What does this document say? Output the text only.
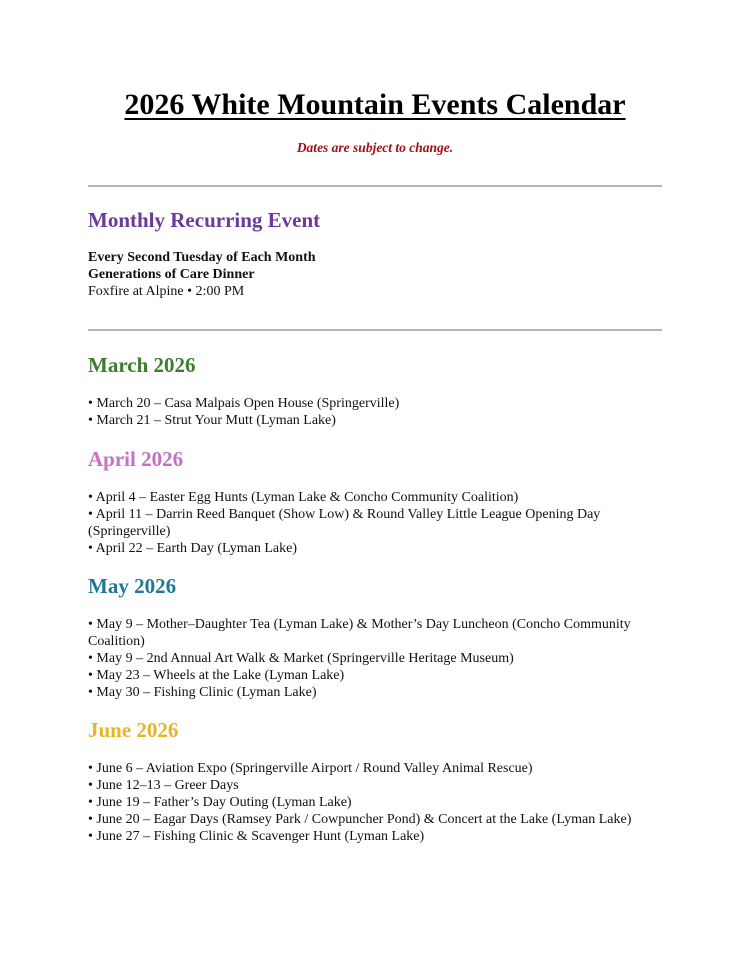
2026 White Mountain Events Calendar
Dates are subject to change.
Monthly Recurring Event
Every Second Tuesday of Each Month
Generations of Care Dinner
Foxfire at Alpine • 2:00 PM
March 2026
• March 20 – Casa Malpais Open House (Springerville)
• March 21 – Strut Your Mutt (Lyman Lake)
April 2026
• April 4 – Easter Egg Hunts (Lyman Lake & Concho Community Coalition)
• April 11 – Darrin Reed Banquet (Show Low) & Round Valley Little League Opening Day (Springerville)
• April 22 – Earth Day (Lyman Lake)
May 2026
• May 9 – Mother–Daughter Tea (Lyman Lake) & Mother’s Day Luncheon (Concho Community Coalition)
• May 9 – 2nd Annual Art Walk & Market (Springerville Heritage Museum)
• May 23 – Wheels at the Lake (Lyman Lake)
• May 30 – Fishing Clinic (Lyman Lake)
June 2026
• June 6 – Aviation Expo (Springerville Airport / Round Valley Animal Rescue)
• June 12–13 – Greer Days
• June 19 – Father’s Day Outing (Lyman Lake)
• June 20 – Eagar Days (Ramsey Park / Cowpuncher Pond) & Concert at the Lake (Lyman Lake)
• June 27 – Fishing Clinic & Scavenger Hunt (Lyman Lake)
